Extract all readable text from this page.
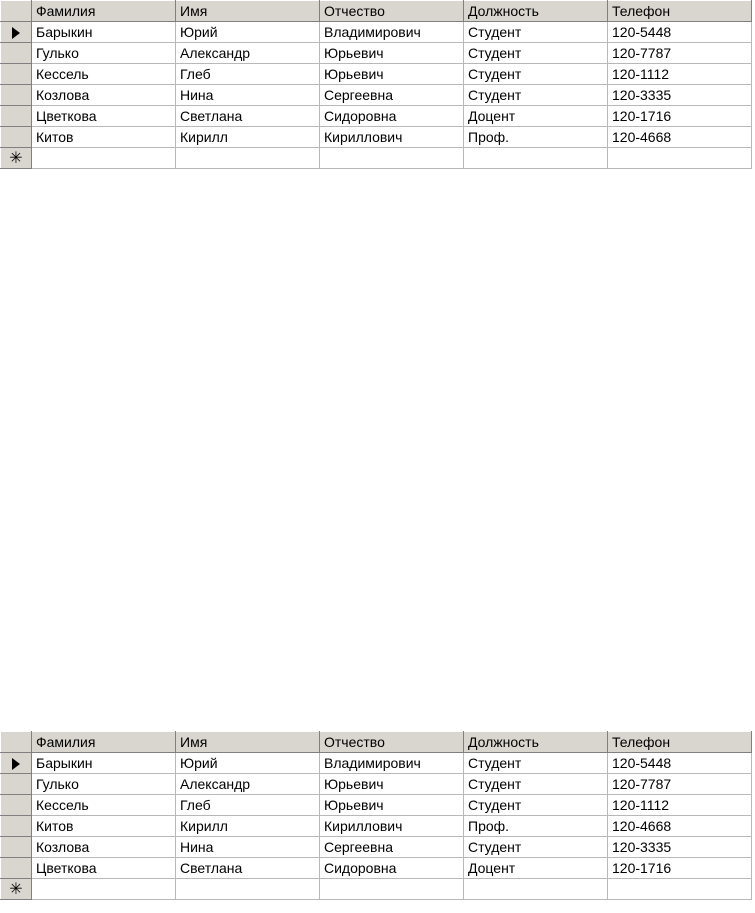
	Фамилия	Имя	Отчество	Должность	Телефон
	Барыкин	Юрий	Владимирович	Студент	120-5448
	Гулько	Александр	Юрьевич	Студент	120-7787
	Кессель	Глеб	Юрьевич	Студент	120-1112
	Козлова	Нина	Сергеевна	Студент	120-3335
	Цветкова	Светлана	Сидоровна	Доцент	120-1716
	Китов	Кирилл	Кириллович	Проф.	120-4668
✳					
	Фамилия	Имя	Отчество	Должность	Телефон
	Барыкин	Юрий	Владимирович	Студент	120-5448
	Гулько	Александр	Юрьевич	Студент	120-7787
	Кессель	Глеб	Юрьевич	Студент	120-1112
	Китов	Кирилл	Кириллович	Проф.	120-4668
	Козлова	Нина	Сергеевна	Студент	120-3335
	Цветкова	Светлана	Сидоровна	Доцент	120-1716
✳					
